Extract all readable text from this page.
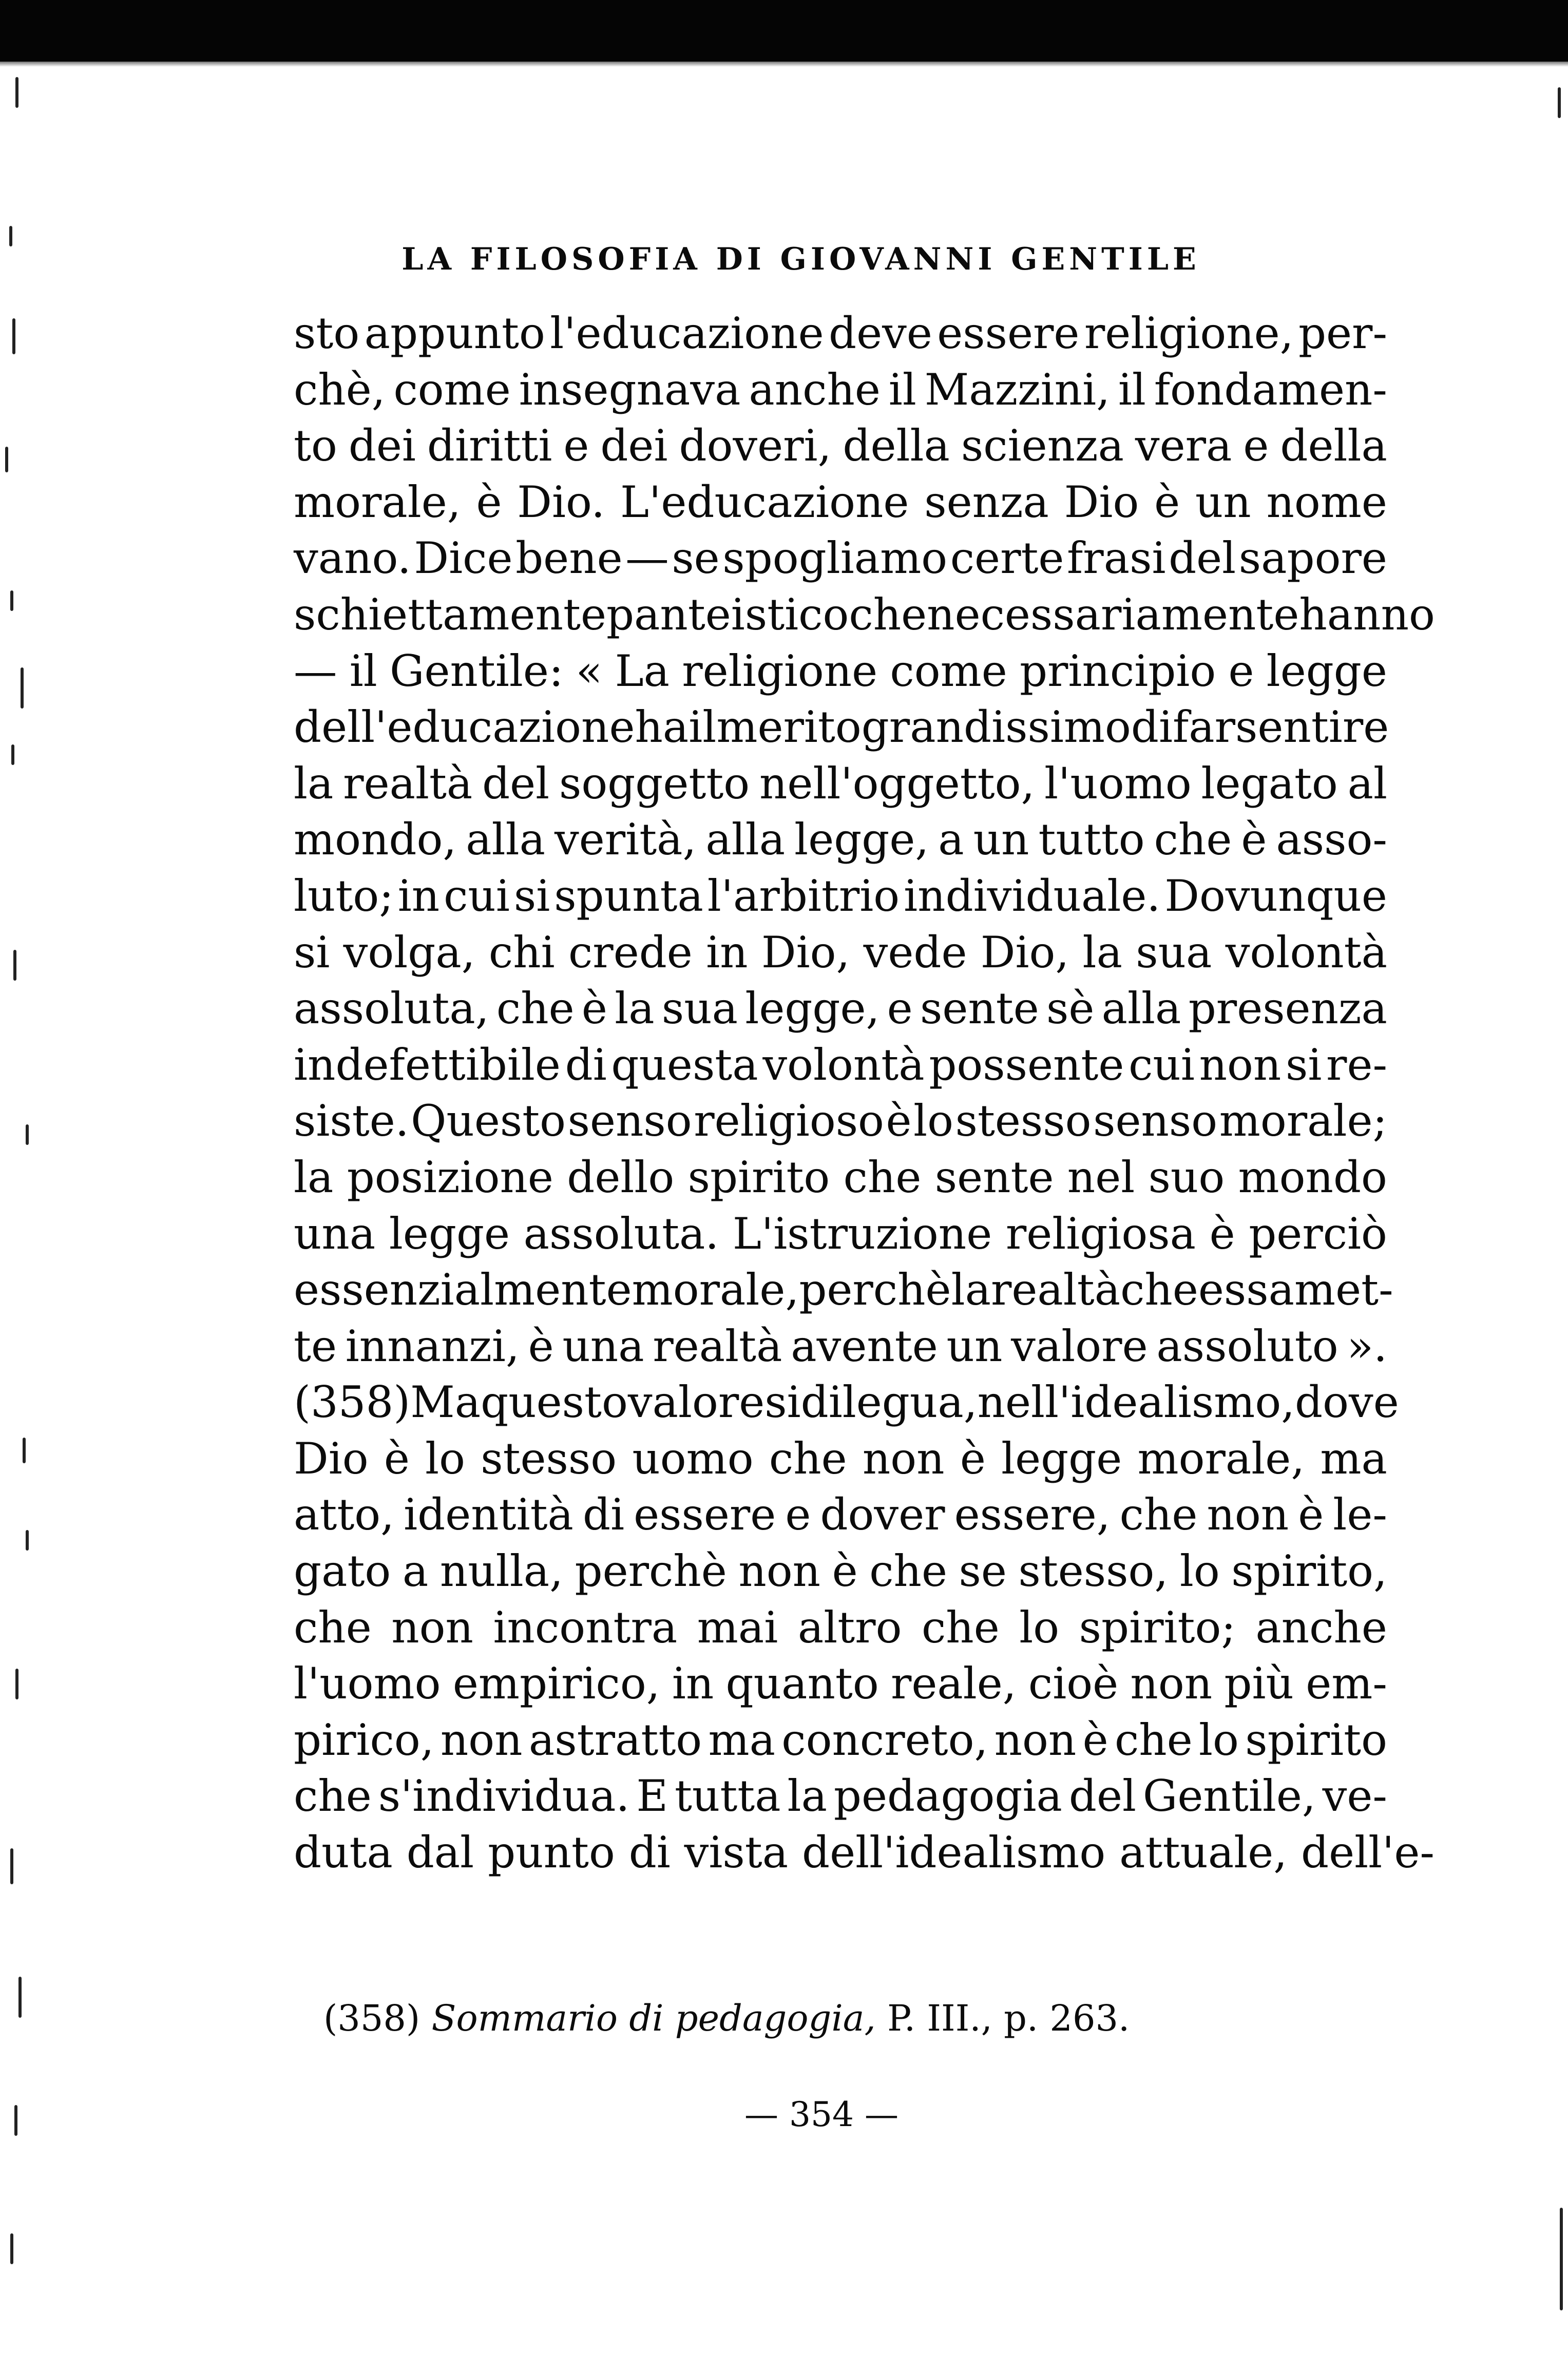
LA FILOSOFIA DI GIOVANNI GENTILE
sto appunto l'educazione deve essere religione, per-
chè, come insegnava anche il Mazzini, il fondamen-
to dei diritti e dei doveri, della scienza vera e della
morale, è Dio. L'educazione senza Dio è un nome
vano. Dice bene — se spogliamo certe frasi del sapore
schiettamente panteistico che necessariamente hanno
— il Gentile: « La religione come principio e legge
dell'educazione ha il merito grandissimo di far sentire
la realtà del soggetto nell'oggetto, l'uomo legato al
mondo, alla verità, alla legge, a un tutto che è asso-
luto; in cui si spunta l'arbitrio individuale. Dovunque
si volga, chi crede in Dio, vede Dio, la sua volontà
assoluta, che è la sua legge, e sente sè alla presenza
indefettibile di questa volontà possente cui non si re-
siste. Questo senso religioso è lo stesso senso morale;
la posizione dello spirito che sente nel suo mondo
una legge assoluta. L'istruzione religiosa è perciò
essenzialmente morale, perchè la realtà che essa met-
te innanzi, è una realtà avente un valore assoluto ».
(358) Ma questo valore si dilegua, nell'idealismo, dove
Dio è lo stesso uomo che non è legge morale, ma
atto, identità di essere e dover essere, che non è le-
gato a nulla, perchè non è che se stesso, lo spirito,
che non incontra mai altro che lo spirito; anche
l'uomo empirico, in quanto reale, cioè non più em-
pirico, non astratto ma concreto, non è che lo spirito
che s'individua. E tutta la pedagogia del Gentile, ve-
duta dal punto di vista dell'idealismo attuale, dell'e-
(358) Sommario di pedagogia, P. III., p. 263.
— 354 —
